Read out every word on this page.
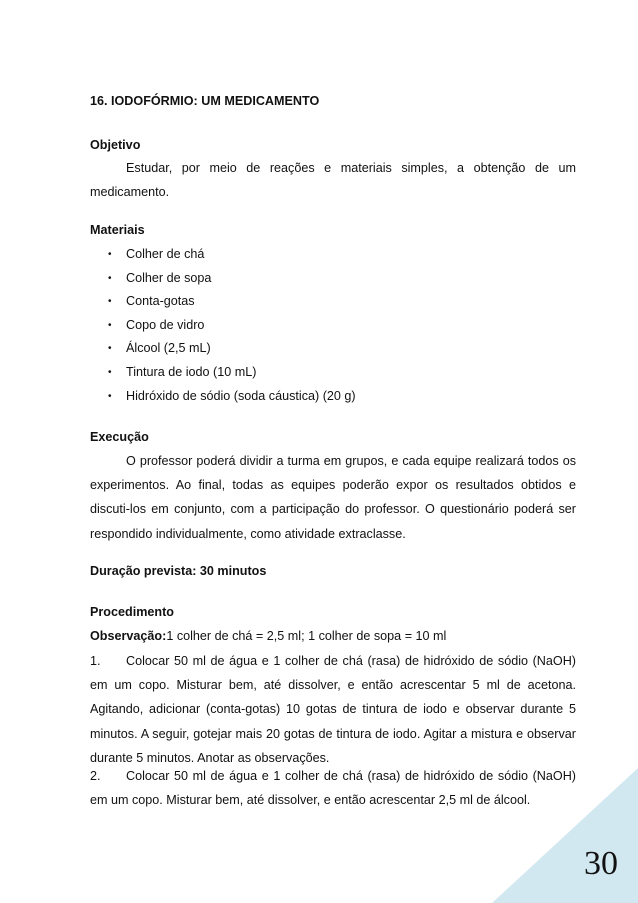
16. IODOFÓRMIO: UM MEDICAMENTO
Objetivo
Estudar, por meio de reações e materiais simples, a obtenção de um medicamento.
Materiais
• Colher de chá
• Colher de sopa
• Conta-gotas
• Copo de vidro
• Álcool (2,5 mL)
• Tintura de iodo (10 mL)
• Hidróxido de sódio (soda cáustica) (20 g)
Execução
O professor poderá dividir a turma em grupos, e cada equipe realizará todos os experimentos. Ao final, todas as equipes poderão expor os resultados obtidos e discuti-los em conjunto, com a participação do professor. O questionário poderá ser respondido individualmente, como atividade extraclasse.
Duração prevista: 30 minutos
Procedimento
Observação:1 colher de chá = 2,5 ml; 1 colher de sopa = 10 ml
1. Colocar 50 ml de água e 1 colher de chá (rasa) de hidróxido de sódio (NaOH) em um copo. Misturar bem, até dissolver, e então acrescentar 5 ml de acetona. Agitando, adicionar (conta-gotas) 10 gotas de tintura de iodo e observar durante 5 minutos. A seguir, gotejar mais 20 gotas de tintura de iodo. Agitar a mistura e observar durante 5 minutos. Anotar as observações.
2. Colocar 50 ml de água e 1 colher de chá (rasa) de hidróxido de sódio (NaOH) em um copo. Misturar bem, até dissolver, e então acrescentar 2,5 ml de álcool.
30
